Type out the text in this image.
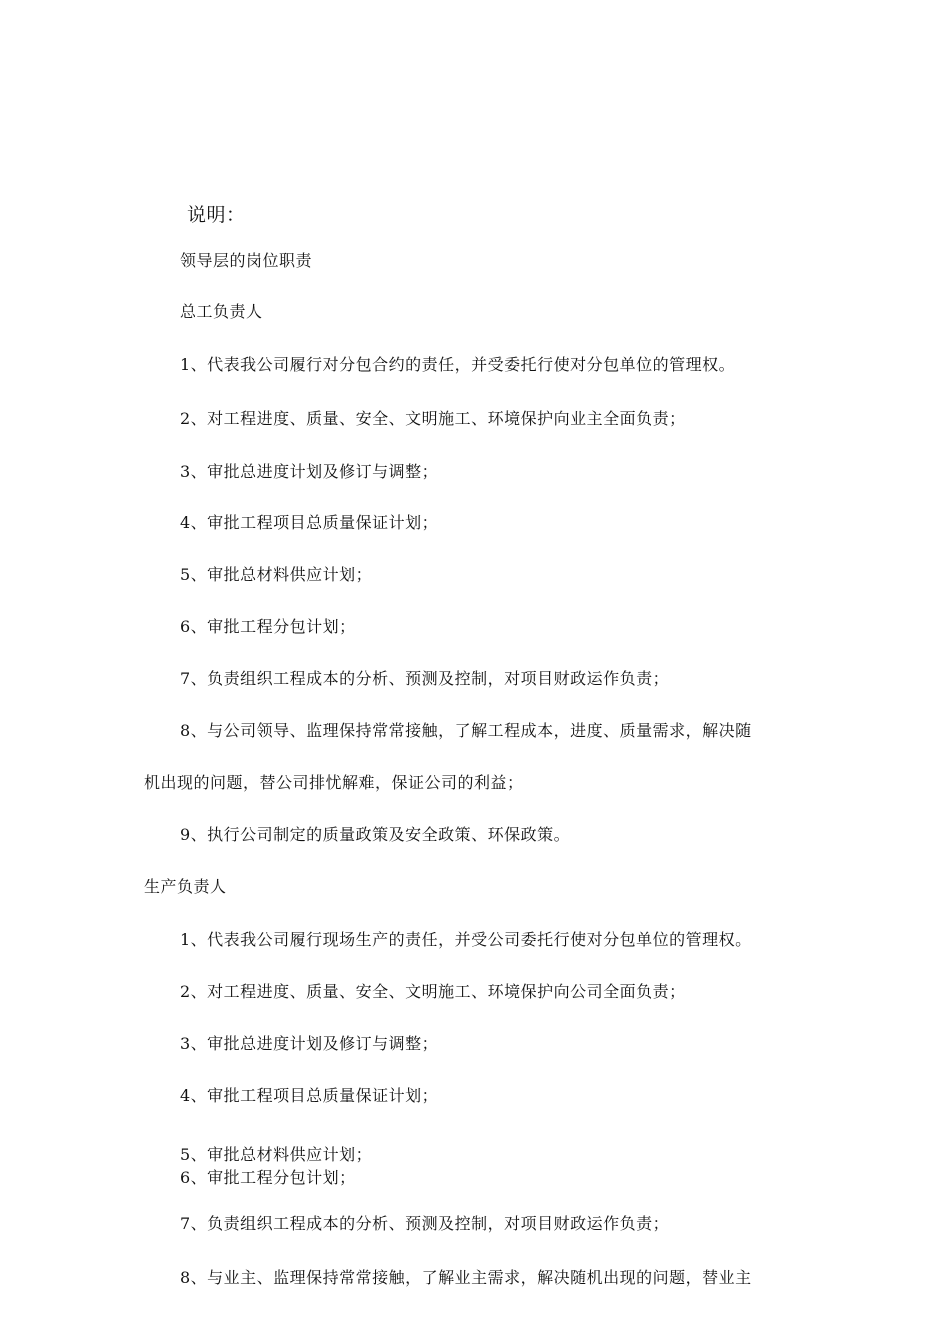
说明：
领导层的岗位职责
总工负责人
1、代表我公司履行对分包合约的责任，并受委托行使对分包单位的管理权。
2、对工程进度、质量、安全、文明施工、环境保护向业主全面负责；
3、审批总进度计划及修订与调整；
4、审批工程项目总质量保证计划；
5、审批总材料供应计划；
6、审批工程分包计划；
7、负责组织工程成本的分析、预测及控制，对项目财政运作负责；
8、与公司领导、监理保持常常接触，了解工程成本，进度、质量需求，解决随
机出现的问题，替公司排忧解难，保证公司的利益；
9、执行公司制定的质量政策及安全政策、环保政策。
生产负责人
1、代表我公司履行现场生产的责任，并受公司委托行使对分包单位的管理权。
2、对工程进度、质量、安全、文明施工、环境保护向公司全面负责；
3、审批总进度计划及修订与调整；
4、审批工程项目总质量保证计划；
5、审批总材料供应计划；
6、审批工程分包计划；
7、负责组织工程成本的分析、预测及控制，对项目财政运作负责；
8、与业主、监理保持常常接触，了解业主需求，解决随机出现的问题，替业主
